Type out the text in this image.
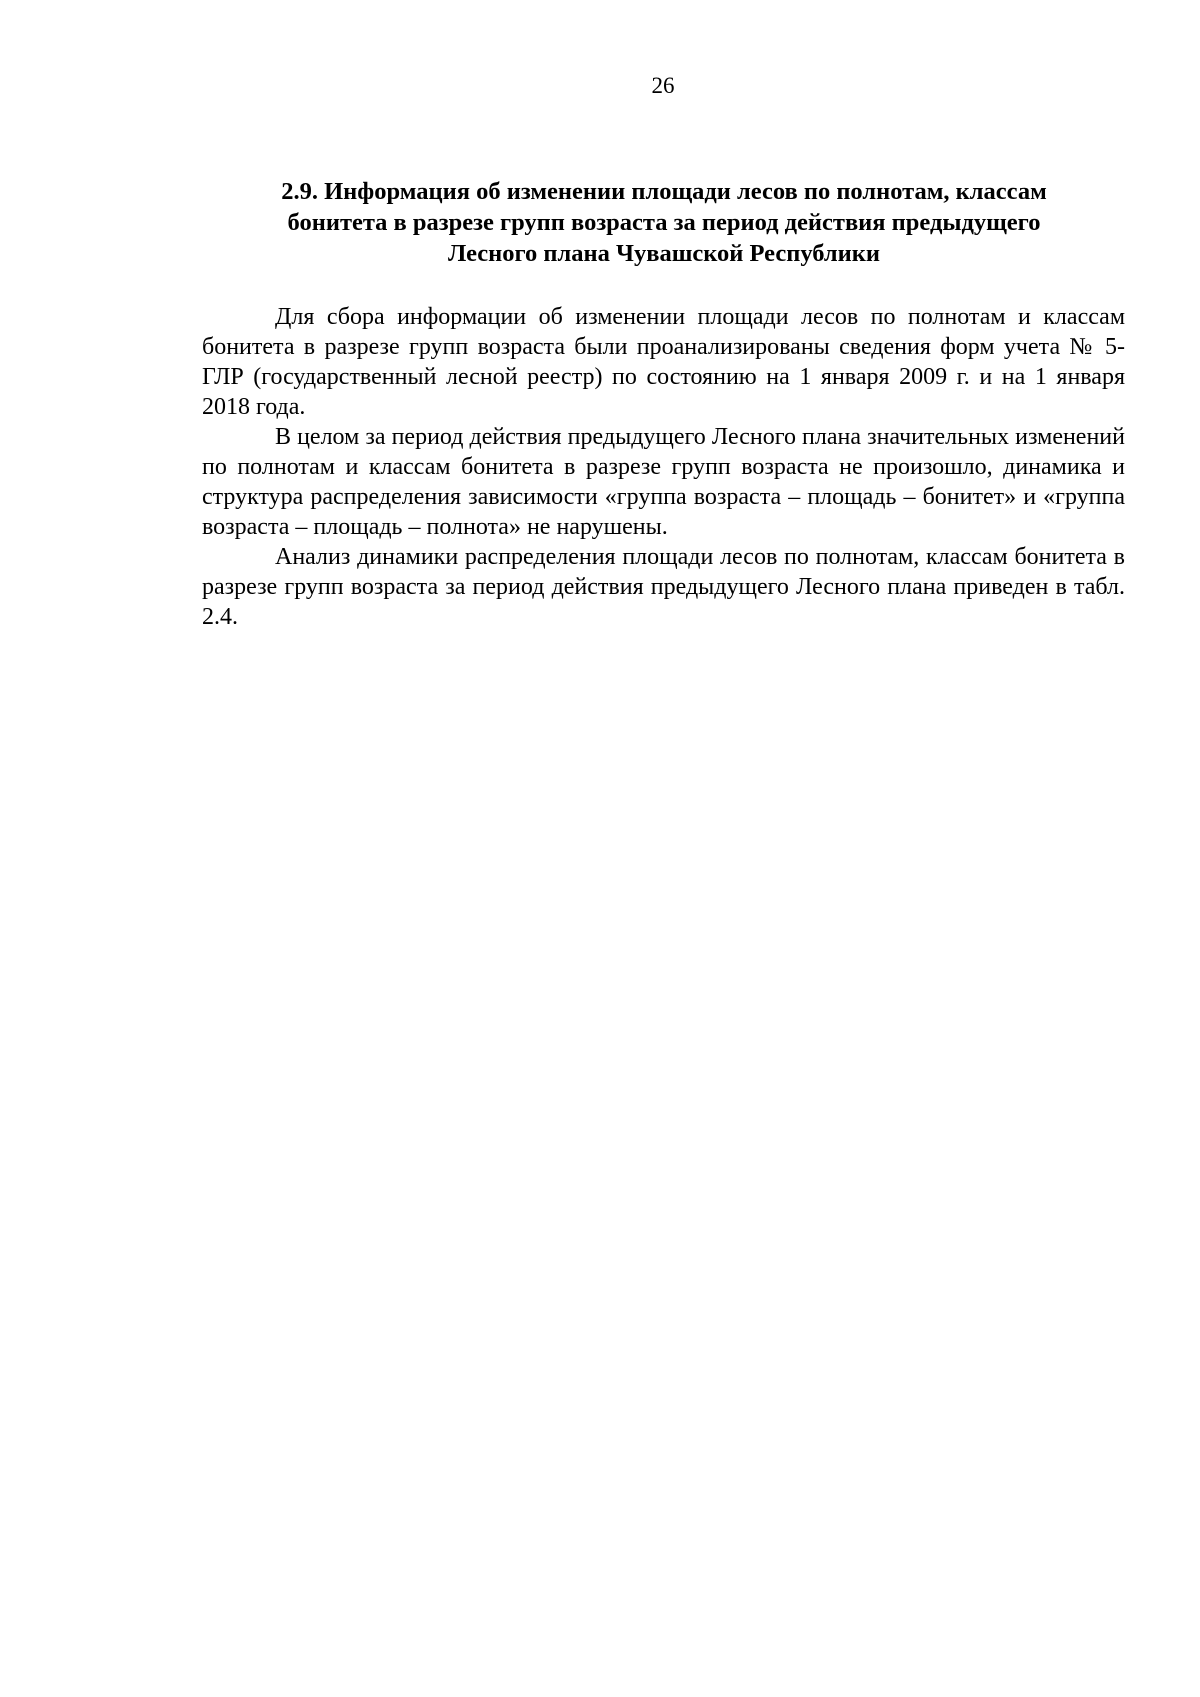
26
2.9. Информация об изменении площади лесов по полнотам, классам
бонитета в разрезе групп возраста за период действия предыдущего
Лесного плана Чувашской Республики

Для сбора информации об изменении площади лесов по полнотам и классам бонитета в разрезе групп возраста были проанализированы сведения форм учета № 5-ГЛР (государственный лесной реестр) по состоянию на 1 января 2009 г. и на 1 января 2018 года.

В целом за период действия предыдущего Лесного плана значительных изменений по полнотам и классам бонитета в разрезе групп возраста не произошло, динамика и структура распределения зависимости «группа возраста – площадь – бонитет» и «группа возраста – площадь – полнота» не нарушены.

Анализ динамики распределения площади лесов по полнотам, классам бонитета в разрезе групп возраста за период действия предыдущего Лесного плана приведен в табл. 2.4.
